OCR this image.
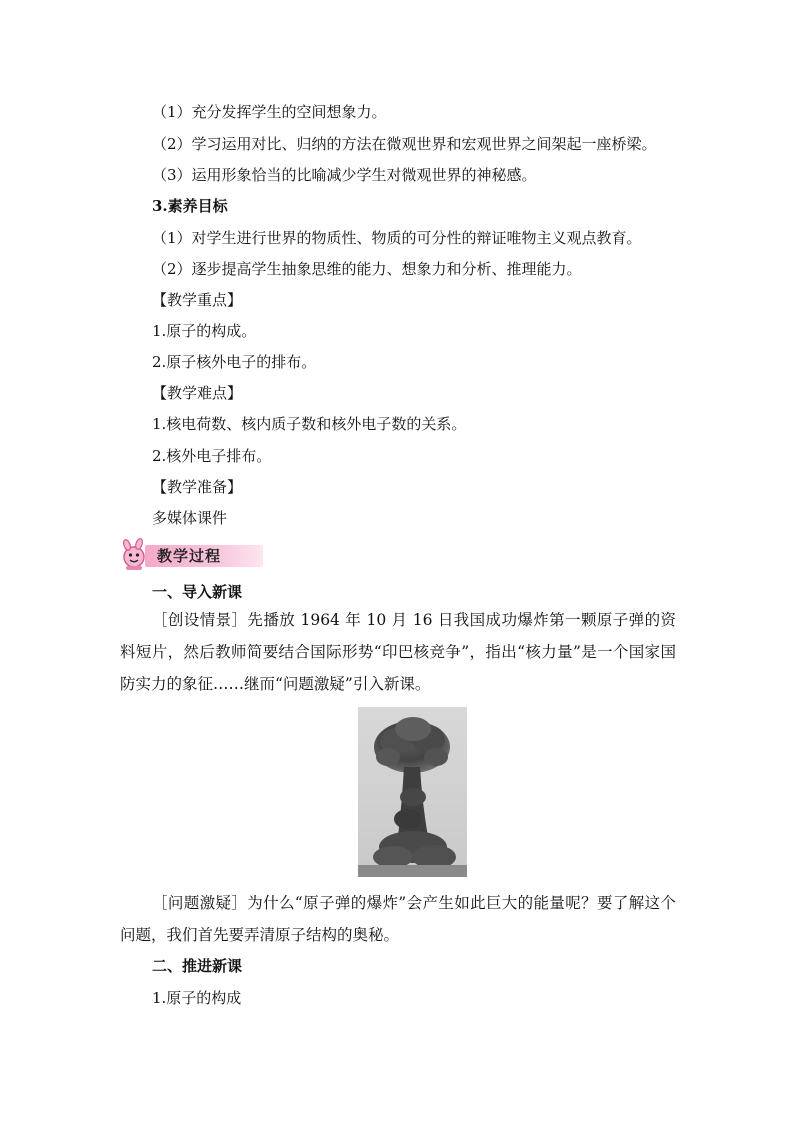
（1）充分发挥学生的空间想象力。
（2）学习运用对比、归纳的方法在微观世界和宏观世界之间架起一座桥梁。
（3）运用形象恰当的比喻减少学生对微观世界的神秘感。
3.素养目标
（1）对学生进行世界的物质性、物质的可分性的辩证唯物主义观点教育。
（2）逐步提高学生抽象思维的能力、想象力和分析、推理能力。
【教学重点】
1.原子的构成。
2.原子核外电子的排布。
【教学难点】
1.核电荷数、核内质子数和核外电子数的关系。
2.核外电子排布。
【教学准备】
多媒体课件
教学过程
一、导入新课
［创设情景］先播放 1964 年 10 月 16 日我国成功爆炸第一颗原子弹的资料短片，然后教师简要结合国际形势“印巴核竞争”，指出“核力量”是一个国家国防实力的象征……继而“问题激疑”引入新课。
［问题激疑］为什么“原子弹的爆炸”会产生如此巨大的能量呢？要了解这个问题，我们首先要弄清原子结构的奥秘。
二、推进新课
1.原子的构成
